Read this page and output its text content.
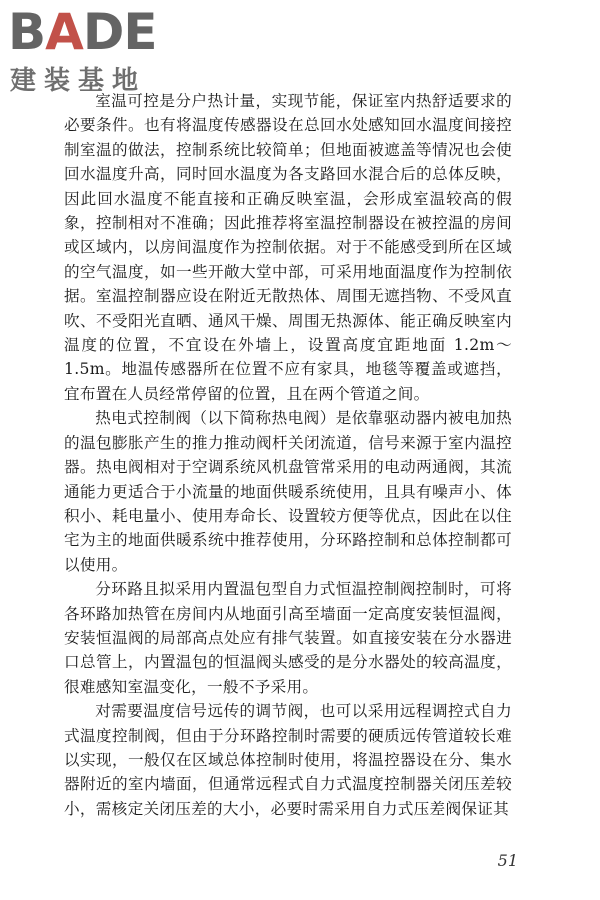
BADE
建装基地

室温可控是分户热计量，实现节能，保证室内热舒适要求的必要条件。也有将温度传感器设在总回水处感知回水温度间接控制室温的做法，控制系统比较简单；但地面被遮盖等情况也会使回水温度升高，同时回水温度为各支路回水混合后的总体反映，因此回水温度不能直接和正确反映室温，会形成室温较高的假象，控制相对不准确；因此推荐将室温控制器设在被控温的房间或区域内，以房间温度作为控制依据。对于不能感受到所在区域的空气温度，如一些开敞大堂中部，可采用地面温度作为控制依据。室温控制器应设在附近无散热体、周围无遮挡物、不受风直吹、不受阳光直晒、通风干燥、周围无热源体、能正确反映室内温度的位置，不宜设在外墙上，设置高度宜距地面 1.2m～1.5m。地温传感器所在位置不应有家具，地毯等覆盖或遮挡，宜布置在人员经常停留的位置，且在两个管道之间。

热电式控制阀（以下简称热电阀）是依靠驱动器内被电加热的温包膨胀产生的推力推动阀杆关闭流道，信号来源于室内温控器。热电阀相对于空调系统风机盘管常采用的电动两通阀，其流通能力更适合于小流量的地面供暖系统使用，且具有噪声小、体积小、耗电量小、使用寿命长、设置较方便等优点，因此在以住宅为主的地面供暖系统中推荐使用，分环路控制和总体控制都可以使用。

分环路且拟采用内置温包型自力式恒温控制阀控制时，可将各环路加热管在房间内从地面引高至墙面一定高度安装恒温阀，安装恒温阀的局部高点处应有排气装置。如直接安装在分水器进口总管上，内置温包的恒温阀头感受的是分水器处的较高温度，很难感知室温变化，一般不予采用。

对需要温度信号远传的调节阀，也可以采用远程调控式自力式温度控制阀，但由于分环路控制时需要的硬质远传管道较长难以实现，一般仅在区域总体控制时使用，将温控器设在分、集水器附近的室内墙面，但通常远程式自力式温度控制器关闭压差较小，需核定关闭压差的大小，必要时需采用自力式压差阀保证其

51
